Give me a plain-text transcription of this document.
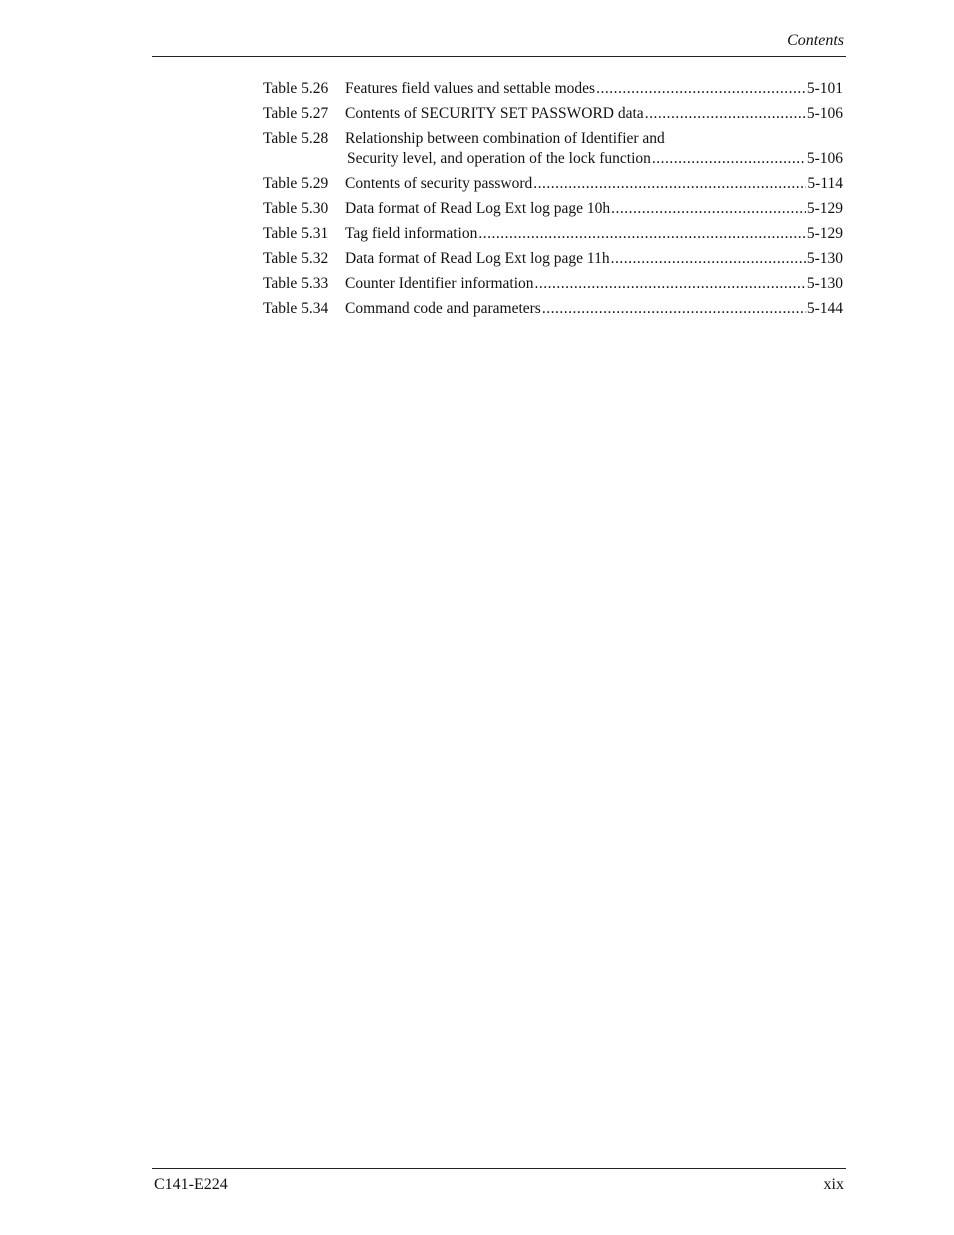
Contents
Table 5.26	Features field values and settable modes .....	5-101
Table 5.27	Contents of SECURITY SET PASSWORD data .....	5-106
Table 5.28	Relationship between combination of Identifier and
Security level, and operation of the lock function .....	5-106
Table 5.29	Contents of security password .....	5-114
Table 5.30	Data format of Read Log Ext log page 10h .....	5-129
Table 5.31	Tag field information .....	5-129
Table 5.32	Data format of Read Log Ext log page 11h .....	5-130
Table 5.33	Counter Identifier information .....	5-130
Table 5.34	Command code and parameters .....	5-144
C141-E224	xix
